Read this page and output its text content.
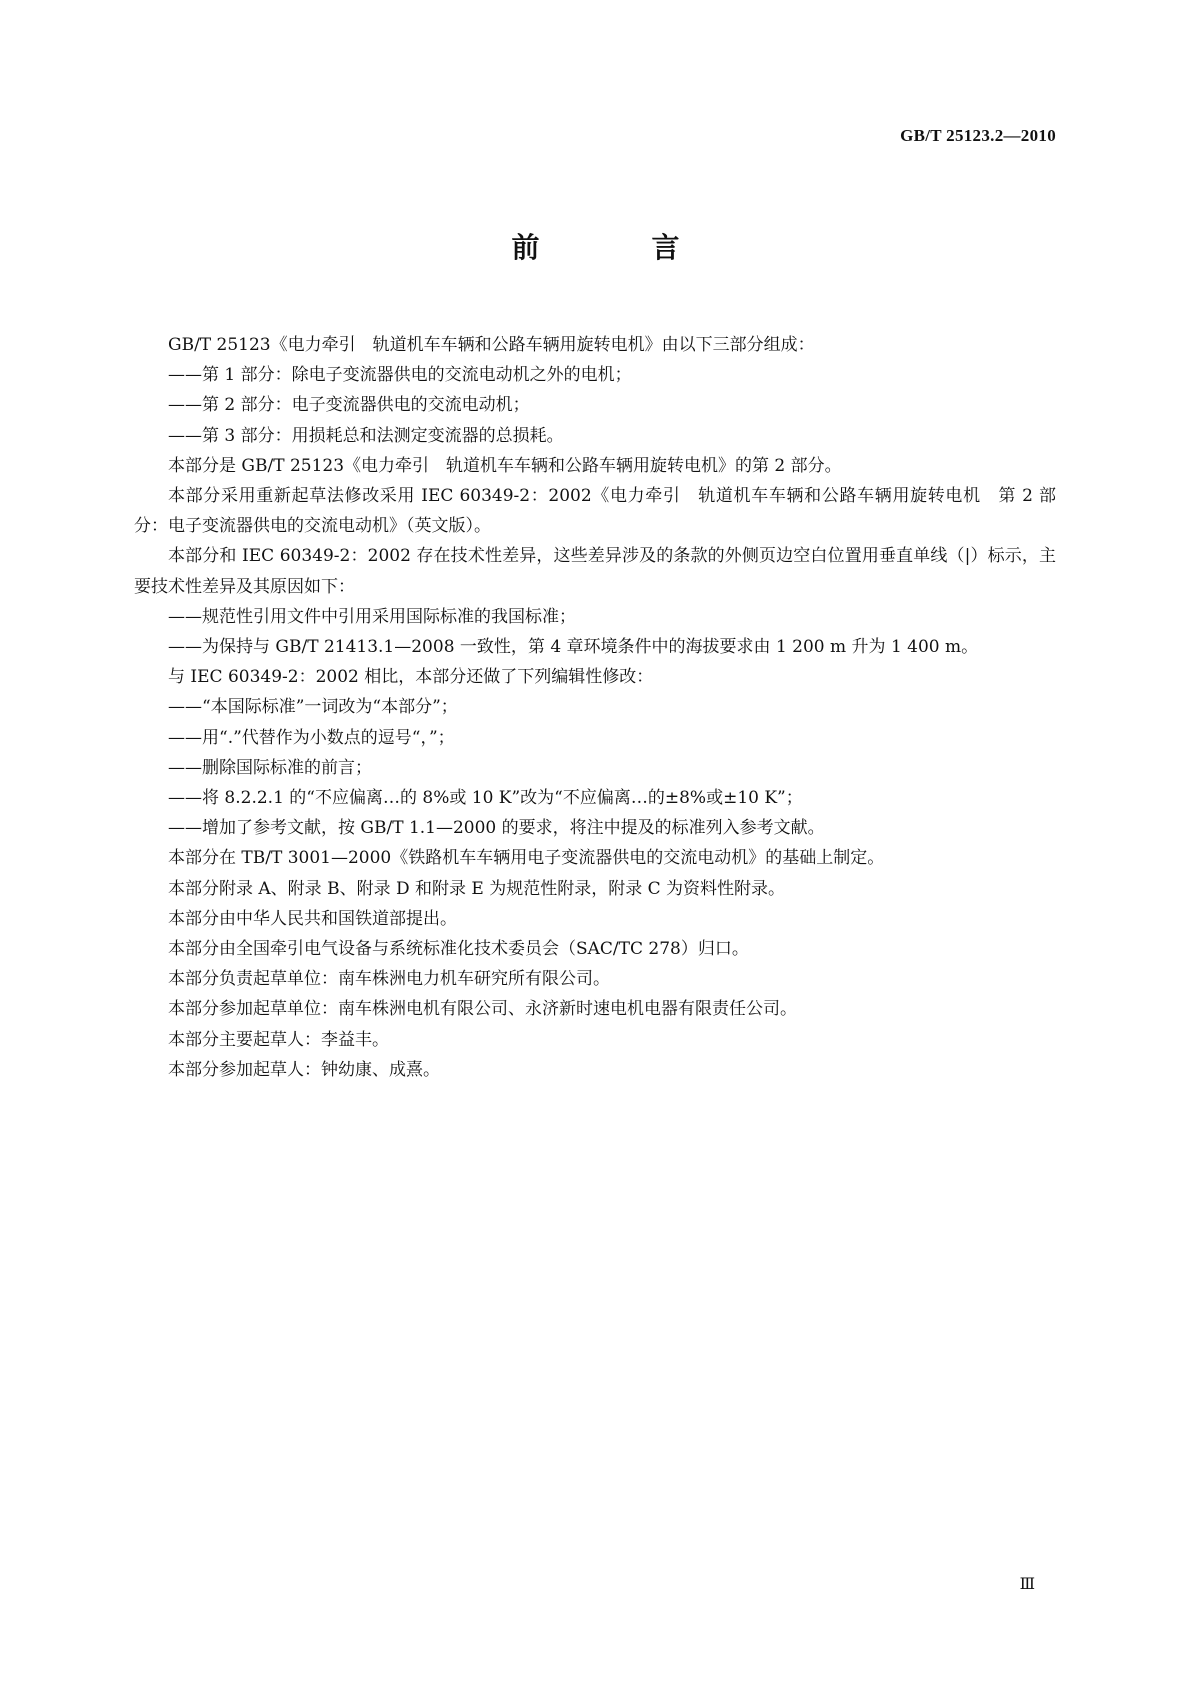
GB/T 25123.2—2010
前　言

GB/T 25123《电力牵引　轨道机车车辆和公路车辆用旋转电机》由以下三部分组成：

——第 1 部分：除电子变流器供电的交流电动机之外的电机；

——第 2 部分：电子变流器供电的交流电动机；

——第 3 部分：用损耗总和法测定变流器的总损耗。

本部分是 GB/T 25123《电力牵引　轨道机车车辆和公路车辆用旋转电机》的第 2 部分。

本部分采用重新起草法修改采用 IEC 60349-2：2002《电力牵引　轨道机车车辆和公路车辆用旋转电机　第 2 部分：电子变流器供电的交流电动机》（英文版）。

本部分和 IEC 60349-2：2002 存在技术性差异，这些差异涉及的条款的外侧页边空白位置用垂直单线（|）标示，主要技术性差异及其原因如下：

——规范性引用文件中引用采用国际标准的我国标准；

——为保持与 GB/T 21413.1—2008 一致性，第 4 章环境条件中的海拔要求由 1 200 m 升为 1 400 m。

与 IEC 60349-2：2002 相比，本部分还做了下列编辑性修改：

——“本国际标准”一词改为“本部分”；

——用“.”代替作为小数点的逗号“，”；

——删除国际标准的前言；

——将 8.2.2.1 的“不应偏离…的 8%或 10 K”改为“不应偏离…的±8%或±10 K”；

——增加了参考文献，按 GB/T 1.1—2000 的要求，将注中提及的标准列入参考文献。

本部分在 TB/T 3001—2000《铁路机车车辆用电子变流器供电的交流电动机》的基础上制定。

本部分附录 A、附录 B、附录 D 和附录 E 为规范性附录，附录 C 为资料性附录。

本部分由中华人民共和国铁道部提出。

本部分由全国牵引电气设备与系统标准化技术委员会（SAC/TC 278）归口。

本部分负责起草单位：南车株洲电力机车研究所有限公司。

本部分参加起草单位：南车株洲电机有限公司、永济新时速电机电器有限责任公司。

本部分主要起草人：李益丰。

本部分参加起草人：钟幼康、成熹。

Ⅲ
